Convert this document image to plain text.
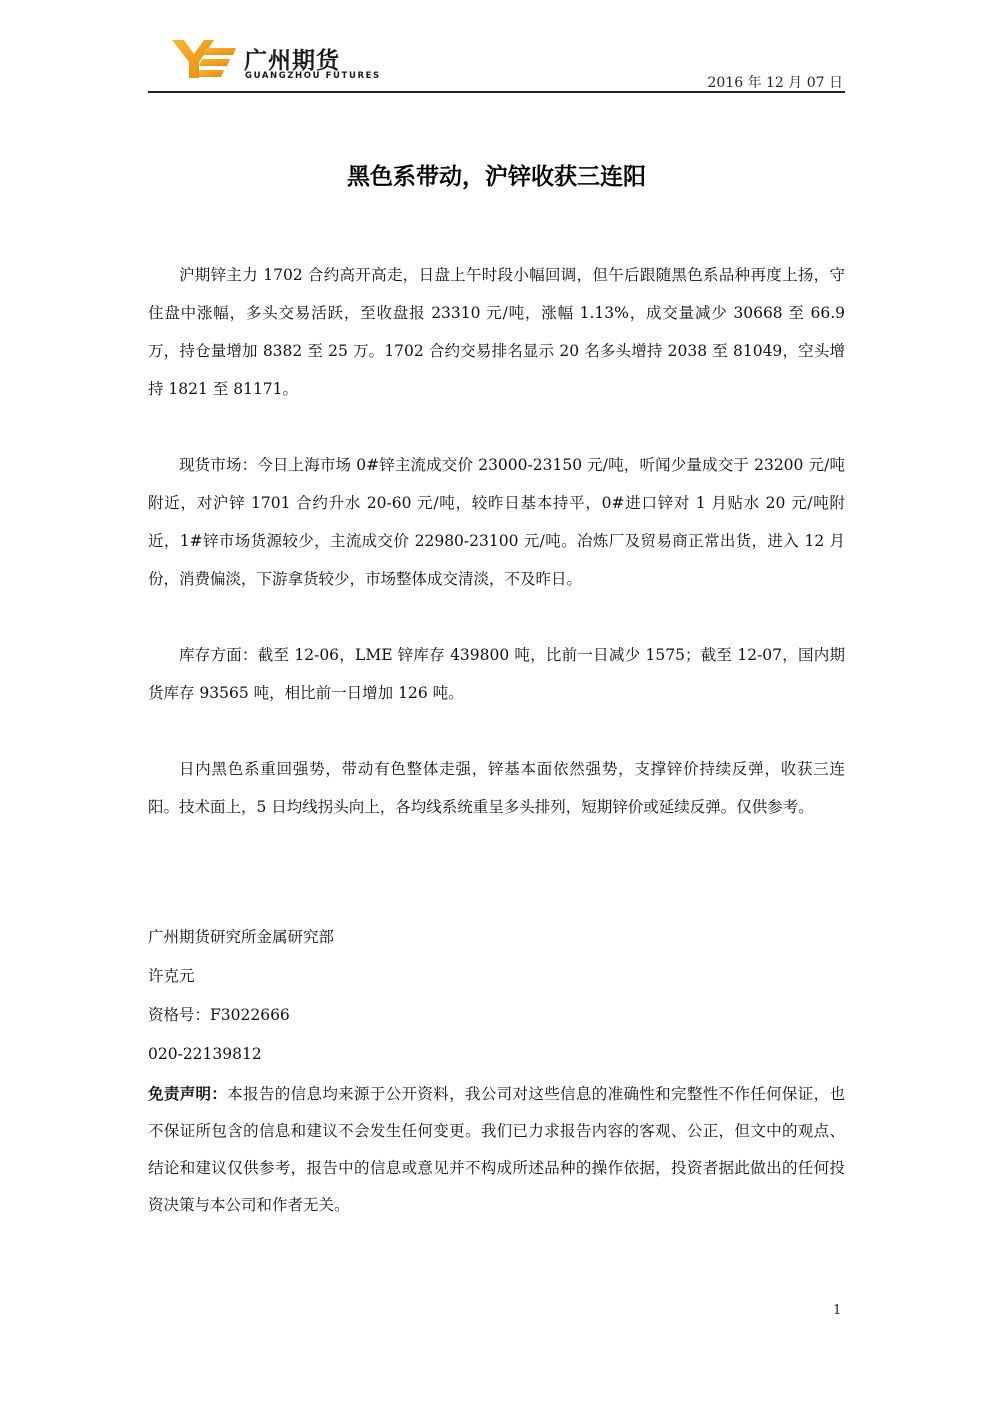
广州期货
GUANGZHOU FUTURES	2016 年 12 月 07 日
黑色系带动，沪锌收获三连阳

沪期锌主力 1702 合约高开高走，日盘上午时段小幅回调，但午后跟随黑色系品种再度上扬，守住盘中涨幅，多头交易活跃，至收盘报 23310 元/吨，涨幅 1.13%，成交量减少 30668 至 66.9 万，持仓量增加 8382 至 25 万。1702 合约交易排名显示 20 名多头增持 2038 至 81049，空头增持 1821 至 81171。

现货市场：今日上海市场 0#锌主流成交价 23000-23150 元/吨，听闻少量成交于 23200 元/吨附近，对沪锌 1701 合约升水 20-60 元/吨，较昨日基本持平，0#进口锌对 1 月贴水 20 元/吨附近，1#锌市场货源较少，主流成交价 22980-23100 元/吨。冶炼厂及贸易商正常出货，进入 12 月份，消费偏淡，下游拿货较少，市场整体成交清淡，不及昨日。

库存方面：截至 12-06，LME 锌库存 439800 吨，比前一日减少 1575；截至 12-07，国内期货库存 93565 吨，相比前一日增加 126 吨。

日内黑色系重回强势，带动有色整体走强，锌基本面依然强势，支撑锌价持续反弹，收获三连阳。技术面上，5 日均线拐头向上，各均线系统重呈多头排列，短期锌价或延续反弹。仅供参考。

广州期货研究所金属研究部
许克元
资格号：F3022666
020-22139812
免责声明：本报告的信息均来源于公开资料，我公司对这些信息的准确性和完整性不作任何保证，也不保证所包含的信息和建议不会发生任何变更。我们已力求报告内容的客观、公正，但文中的观点、结论和建议仅供参考，报告中的信息或意见并不构成所述品种的操作依据，投资者据此做出的任何投资决策与本公司和作者无关。
1
